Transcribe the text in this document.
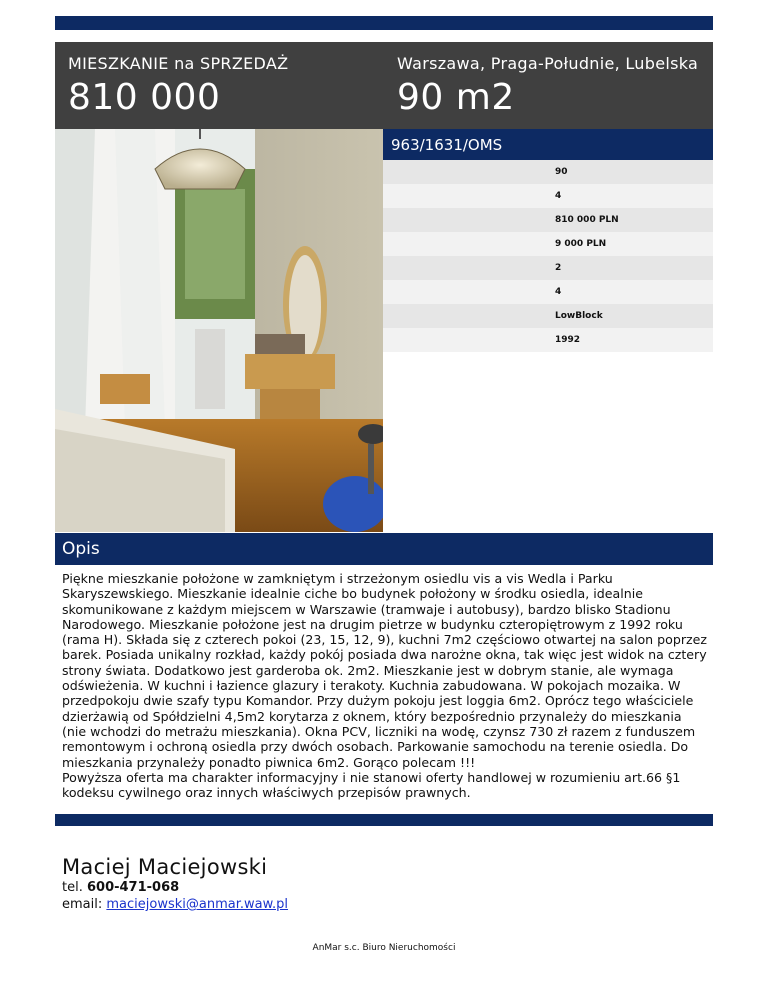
MIESZKANIE na SPRZEDAŻ
810 000
Warszawa, Praga-Południe, Lubelska
90 m2
963/1631/OMS
90
4
810 000 PLN
9 000 PLN
2
4
LowBlock
1992
Opis

Piękne mieszkanie położone w zamkniętym i strzeżonym osiedlu vis a vis Wedla i Parku Skaryszewskiego. Mieszkanie idealnie ciche bo budynek położony w środku osiedla, idealnie skomunikowane z każdym miejscem w Warszawie (tramwaje i autobusy), bardzo blisko Stadionu Narodowego. Mieszkanie położone jest na drugim pietrze w budynku czteropiętrowym z 1992 roku (rama H). Składa się z czterech pokoi (23, 15, 12, 9), kuchni 7m2 częściowo otwartej na salon poprzez barek. Posiada unikalny rozkład, każdy pokój posiada dwa narożne okna, tak więc jest widok na cztery strony świata. Dodatkowo jest garderoba ok. 2m2. Mieszkanie jest w dobrym stanie, ale wymaga odświeżenia. W kuchni i łazience glazury i terakoty. Kuchnia zabudowana. W pokojach mozaika. W przedpokoju dwie szafy typu Komandor. Przy dużym pokoju jest loggia 6m2. Oprócz tego właściciele dzierżawią od Spółdzielni 4,5m2 korytarza z oknem, który bezpośrednio przynależy do mieszkania (nie wchodzi do metrażu mieszkania). Okna PCV, liczniki na wodę, czynsz 730 zł razem z funduszem remontowym i ochroną osiedla przy dwóch osobach. Parkowanie samochodu na terenie osiedla. Do mieszkania przynależy ponadto piwnica 6m2. Gorąco polecam !!!

Powyższa oferta ma charakter informacyjny i nie stanowi oferty handlowej w rozumieniu art.66 §1 kodeksu cywilnego oraz innych właściwych przepisów prawnych.

Maciej Maciejowski
tel. 600-471-068
email: maciejowski@anmar.waw.pl
AnMar s.c. Biuro Nieruchomości
